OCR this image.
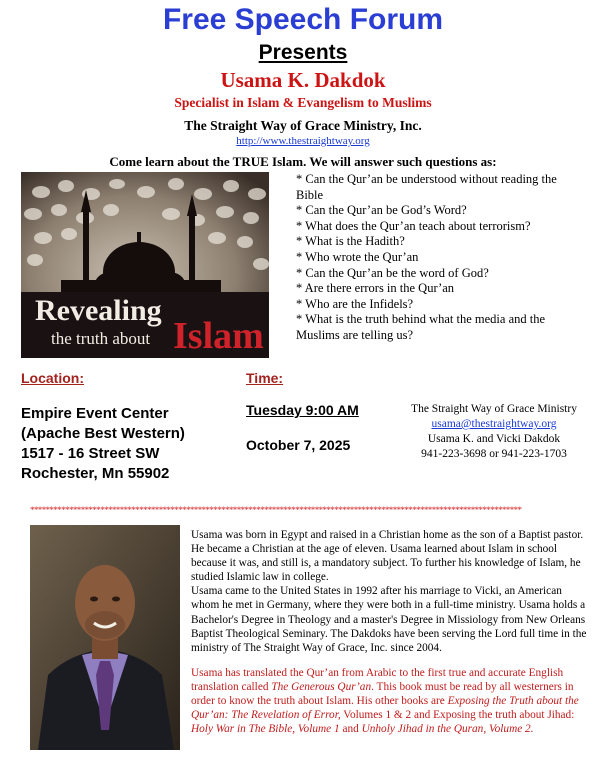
Free Speech Forum
Presents
Usama K. Dakdok
Specialist in Islam & Evangelism to Muslims
The Straight Way of Grace Ministry, Inc.
http://www.thestraightway.org
Come learn about the TRUE Islam. We will answer such questions as:
Revealing
the truth about Islam
* Can the Qur’an be understood without reading the Bible
* Can the Qur’an be God’s Word?
* What does the Qur’an teach about terrorism?
* What is the Hadith?
* Who wrote the Qur’an
* Can the Qur’an be the word of God?
* Are there errors in the Qur’an
* Who are the Infidels?
* What is the truth behind what the media and the Muslims are telling us?
Location:	Time:
Empire Event Center
(Apache Best Western)
1517 - 16 Street SW
Rochester, Mn 55902
Tuesday 9:00 AM
October 7, 2025
The Straight Way of Grace Ministry
usama@thestraightway.org
Usama K. and Vicki Dakdok
941-223-3698 or 941-223-1703
******************************************************************************************************************************

Usama was born in Egypt and raised in a Christian home as the son of a Baptist pastor. He became a Christian at the age of eleven. Usama learned about Islam in school because it was, and still is, a mandatory subject. To further his knowledge of Islam, he studied Islamic law in college.

Usama came to the United States in 1992 after his marriage to Vicki, an American whom he met in Germany, where they were both in a full-time ministry. Usama holds a Bachelor's Degree in Theology and a master's Degree in Missiology from New Orleans Baptist Theological Seminary. The Dakdoks have been serving the Lord full time in the ministry of The Straight Way of Grace, Inc. since 2004.

Usama has translated the Qur’an from Arabic to the first true and accurate English translation called The Generous Qur’an. This book must be read by all westerners in order to know the truth about Islam. His other books are Exposing the Truth about the Qur’an: The Revelation of Error, Volumes 1 & 2 and Exposing the truth about Jihad: Holy War in The Bible, Volume 1 and Unholy Jihad in the Quran, Volume 2.
